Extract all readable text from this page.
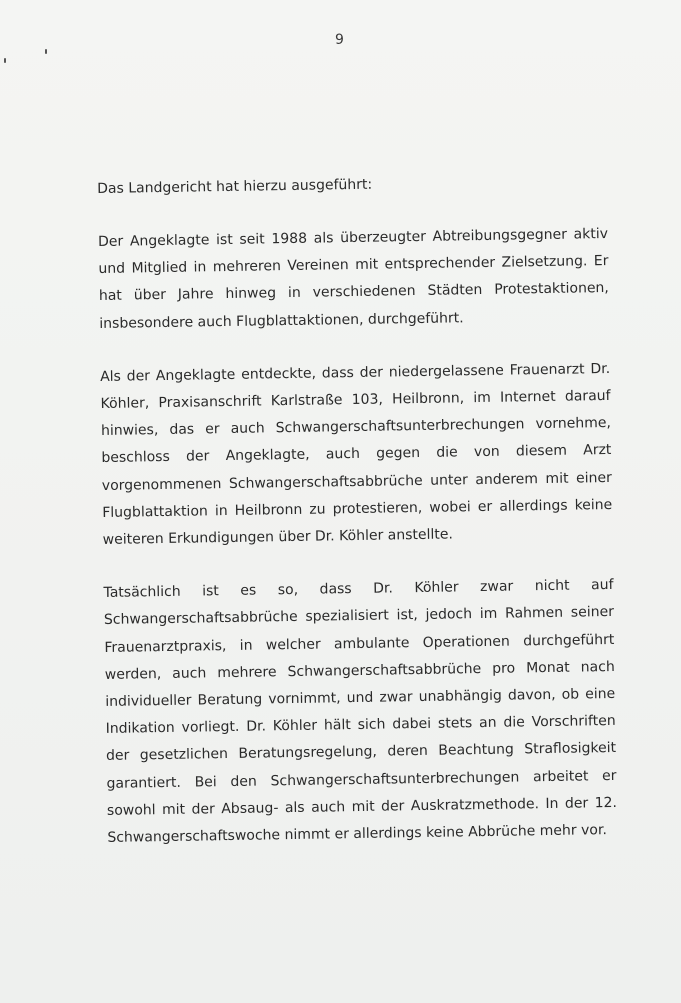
9

Das Landgericht hat hierzu ausgeführt:

Der Angeklagte ist seit 1988 als überzeugter Abtreibungsgegner aktiv und Mitglied in mehreren Vereinen mit entsprechender Zielsetzung. Er hat über Jahre hinweg in verschiedenen Städten Protestaktionen, insbesondere auch Flugblattaktionen, durchgeführt.

Als der Angeklagte entdeckte, dass der niedergelassene Frauenarzt Dr. Köhler, Praxisanschrift Karlstraße 103, Heilbronn, im Internet darauf hinwies, das er auch Schwangerschaftsunterbrechungen vornehme, beschloss der Angeklagte, auch gegen die von diesem Arzt vorgenommenen Schwangerschaftsabbrüche unter anderem mit einer Flugblattaktion in Heilbronn zu protestieren, wobei er allerdings keine weiteren Erkundigungen über Dr. Köhler anstellte.

Tatsächlich ist es so, dass Dr. Köhler zwar nicht auf Schwangerschaftsabbrüche spezialisiert ist, jedoch im Rahmen seiner Frauenarztpraxis, in welcher ambulante Operationen durchgeführt werden, auch mehrere Schwangerschaftsabbrüche pro Monat nach individueller Beratung vornimmt, und zwar unabhängig davon, ob eine Indikation vorliegt. Dr. Köhler hält sich dabei stets an die Vorschriften der gesetzlichen Beratungsregelung, deren Beachtung Straflosigkeit garantiert. Bei den Schwangerschaftsunterbrechungen arbeitet er sowohl mit der Absaug- als auch mit der Auskratzmethode. In der 12. Schwangerschaftswoche nimmt er allerdings keine Abbrüche mehr vor.
